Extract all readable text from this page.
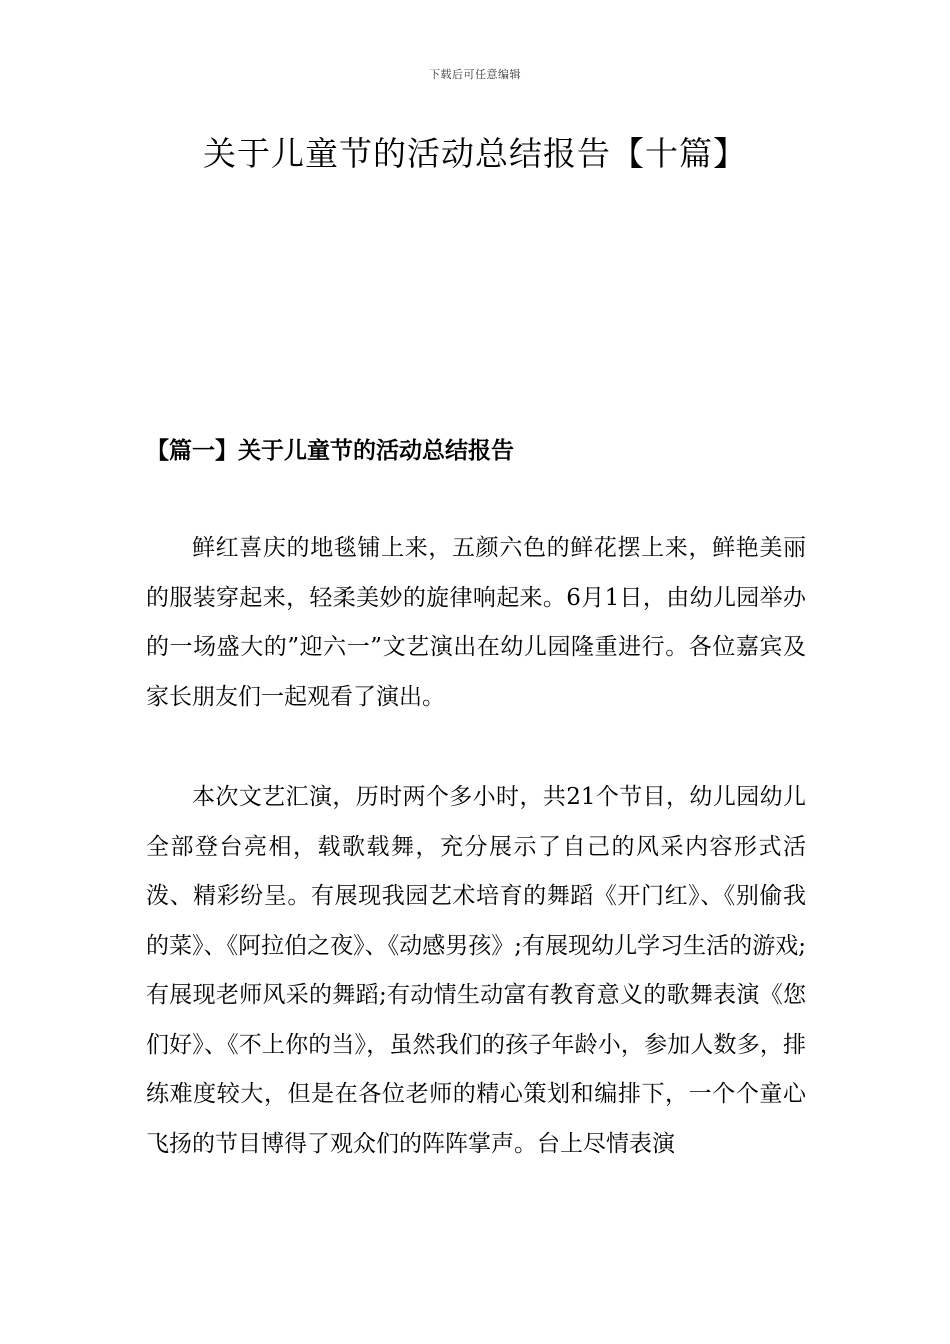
下载后可任意编辑
关于儿童节的活动总结报告【十篇】
【篇一】关于儿童节的活动总结报告

鲜红喜庆的地毯铺上来，五颜六色的鲜花摆上来，鲜艳美丽的服装穿起来，轻柔美妙的旋律响起来。6月1日，由幼儿园举办的一场盛大的”迎六一”文艺演出在幼儿园隆重进行。各位嘉宾及家长朋友们一起观看了演出。

本次文艺汇演，历时两个多小时，共21个节目，幼儿园幼儿全部登台亮相，载歌载舞，充分展示了自己的风采内容形式活泼、精彩纷呈。有展现我园艺术培育的舞蹈《开门红》、《别偷我的菜》、《阿拉伯之夜》、《动感男孩》;有展现幼儿学习生活的游戏;有展现老师风采的舞蹈;有动情生动富有教育意义的歌舞表演《您们好》、《不上你的当》，虽然我们的孩子年龄小，参加人数多，排练难度较大，但是在各位老师的精心策划和编排下，一个个童心飞扬的节目博得了观众们的阵阵掌声。台上尽情表演
